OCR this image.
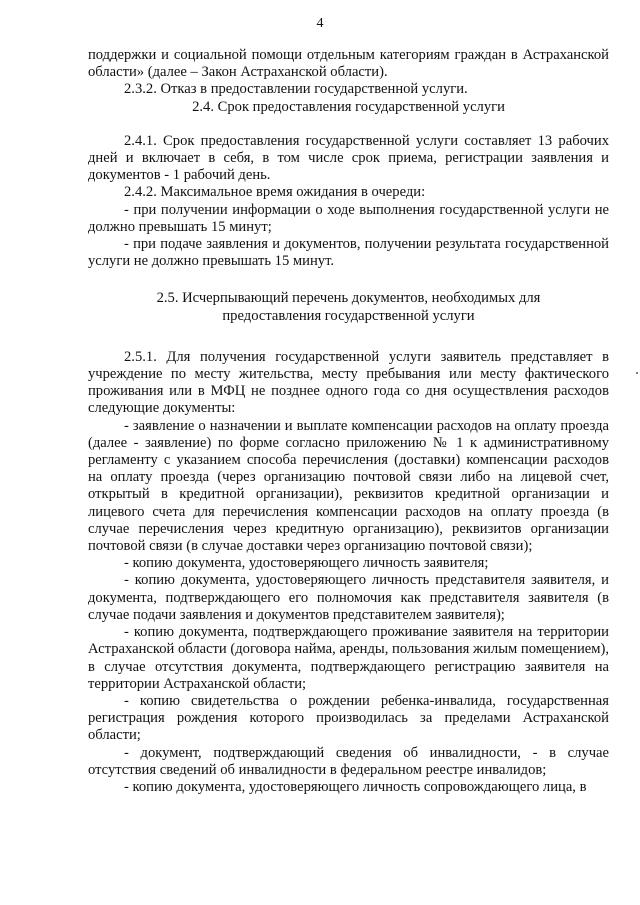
4

поддержки и социальной помощи отдельным категориям граждан в Астраханской области» (далее – Закон Астраханской области).

2.3.2. Отказ в предоставлении государственной услуги.

2.4. Срок предоставления государственной услуги

2.4.1. Срок предоставления государственной услуги составляет 13 рабочих дней и включает в себя, в том числе срок приема, регистрации заявления и документов - 1 рабочий день.

2.4.2. Максимальное время ожидания в очереди:

- при получении информации о ходе выполнения государственной услуги не должно превышать 15 минут;

- при подаче заявления и документов, получении результата государственной услуги не должно превышать 15 минут.

2.5. Исчерпывающий перечень документов, необходимых для
предоставления государственной услуги

2.5.1. Для получения государственной услуги заявитель представляет в учреждение по месту жительства, месту пребывания или месту фактического проживания или в МФЦ не позднее одного года со дня осуществления расходов следующие документы:

- заявление о назначении и выплате компенсации расходов на оплату проезда (далее - заявление) по форме согласно приложению № 1 к административному регламенту с указанием способа перечисления (доставки) компенсации расходов на оплату проезда (через организацию почтовой связи либо на лицевой счет, открытый в кредитной организации), реквизитов кредитной организации и лицевого счета для перечисления компенсации расходов на оплату проезда (в случае перечисления через кредитную организацию), реквизитов организации почтовой связи (в случае доставки через организацию почтовой связи);

- копию документа, удостоверяющего личность заявителя;

- копию документа, удостоверяющего личность представителя заявителя, и документа, подтверждающего его полномочия как представителя заявителя (в случае подачи заявления и документов представителем заявителя);

- копию документа, подтверждающего проживание заявителя на территории Астраханской области (договора найма, аренды, пользования жилым помещением), в случае отсутствия документа, подтверждающего регистрацию заявителя на территории Астраханской области;

- копию свидетельства о рождении ребенка-инвалида, государственная регистрация рождения которого производилась за пределами Астраханской области;

- документ, подтверждающий сведения об инвалидности, - в случае отсутствия сведений об инвалидности в федеральном реестре инвалидов;

- копию документа, удостоверяющего личность сопровождающего лица, в
